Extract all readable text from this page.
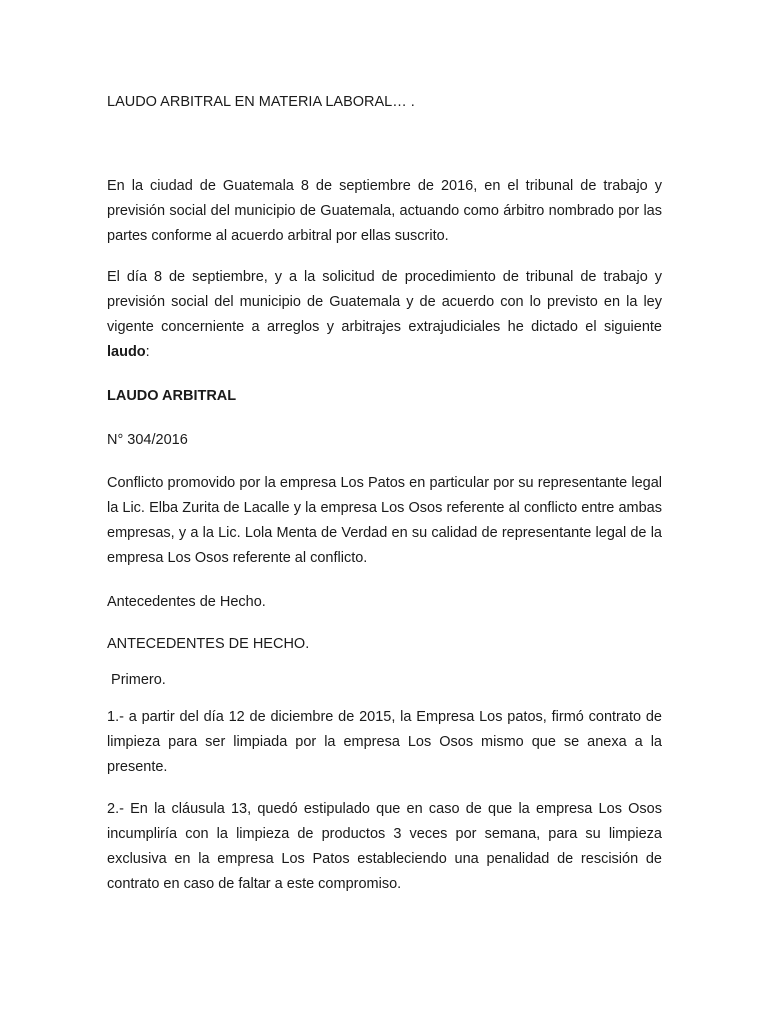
LAUDO ARBITRAL EN MATERIA LABORAL… .

En la ciudad de Guatemala 8 de septiembre de 2016, en el tribunal de trabajo y previsión social del municipio de Guatemala, actuando como árbitro nombrado por las partes conforme al acuerdo arbitral por ellas suscrito.

El día 8 de septiembre, y a la solicitud de procedimiento de tribunal de trabajo y previsión social del municipio de Guatemala y de acuerdo con lo previsto en la ley vigente concerniente a arreglos y arbitrajes extrajudiciales he dictado el siguiente laudo:

LAUDO ARBITRAL

N° 304/2016

Conflicto promovido por la empresa Los Patos en particular por su representante legal la Lic. Elba Zurita de Lacalle y la empresa Los Osos referente al conflicto entre ambas empresas, y a la Lic. Lola Menta de Verdad en su calidad de representante legal de la empresa Los Osos referente al conflicto.

Antecedentes de Hecho.

ANTECEDENTES DE HECHO.

Primero.

1.- a partir del día 12 de diciembre de 2015, la Empresa Los patos, firmó contrato de limpieza para ser limpiada por la empresa Los Osos mismo que se anexa a la presente.

2.- En la cláusula 13, quedó estipulado que en caso de que la empresa Los Osos incumpliría con la limpieza de productos 3 veces por semana, para su limpieza exclusiva en la empresa Los Patos estableciendo una penalidad de rescisión de contrato en caso de faltar a este compromiso.
